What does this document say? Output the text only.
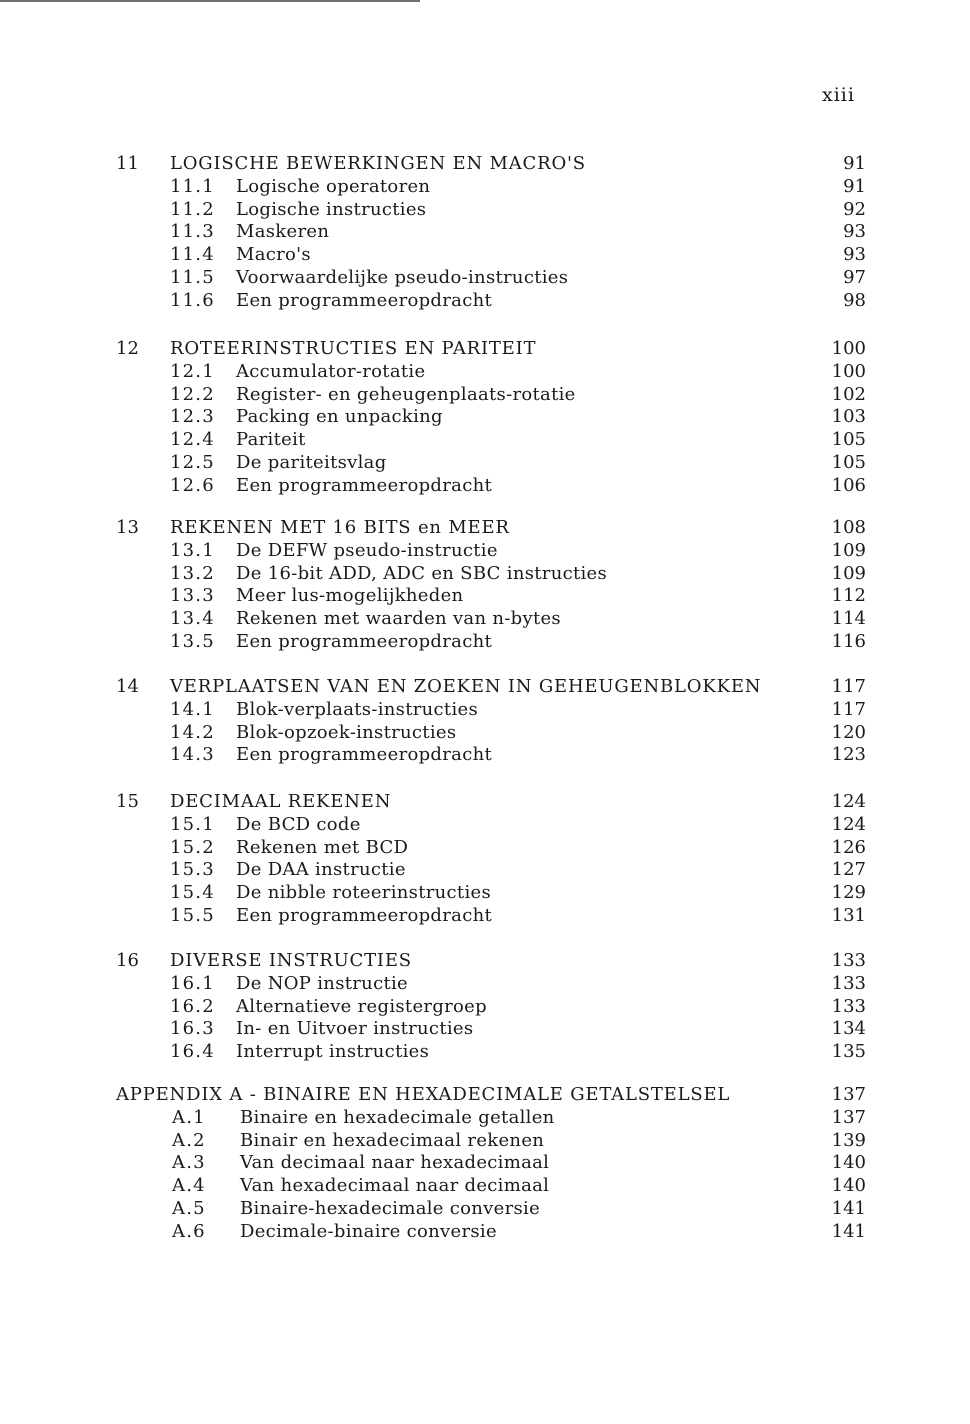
xiii
11 LOGISCHE BEWERKINGEN EN MACRO'S	91
11.1 Logische operatoren	91
11.2 Logische instructies	92
11.3 Maskeren	93
11.4 Macro's	93
11.5 Voorwaardelijke pseudo-instructies	97
11.6 Een programmeeropdracht	98
12 ROTEERINSTRUCTIES EN PARITEIT	100
12.1 Accumulator-rotatie	100
12.2 Register- en geheugenplaats-rotatie	102
12.3 Packing en unpacking	103
12.4 Pariteit	105
12.5 De pariteitsvlag	105
12.6 Een programmeeropdracht	106
13 REKENEN MET 16 BITS en MEER	108
13.1 De DEFW pseudo-instructie	109
13.2 De 16-bit ADD, ADC en SBC instructies	109
13.3 Meer lus-mogelijkheden	112
13.4 Rekenen met waarden van n-bytes	114
13.5 Een programmeeropdracht	116
14 VERPLAATSEN VAN EN ZOEKEN IN GEHEUGENBLOKKEN	117
14.1 Blok-verplaats-instructies	117
14.2 Blok-opzoek-instructies	120
14.3 Een programmeeropdracht	123
15 DECIMAAL REKENEN	124
15.1 De BCD code	124
15.2 Rekenen met BCD	126
15.3 De DAA instructie	127
15.4 De nibble roteerinstructies	129
15.5 Een programmeeropdracht	131
16 DIVERSE INSTRUCTIES	133
16.1 De NOP instructie	133
16.2 Alternatieve registergroep	133
16.3 In- en Uitvoer instructies	134
16.4 Interrupt instructies	135
APPENDIX A - BINAIRE EN HEXADECIMALE GETALSTELSEL	137
A.1 Binaire en hexadecimale getallen	137
A.2 Binair en hexadecimaal rekenen	139
A.3 Van decimaal naar hexadecimaal	140
A.4 Van hexadecimaal naar decimaal	140
A.5 Binaire-hexadecimale conversie	141
A.6 Decimale-binaire conversie	141
